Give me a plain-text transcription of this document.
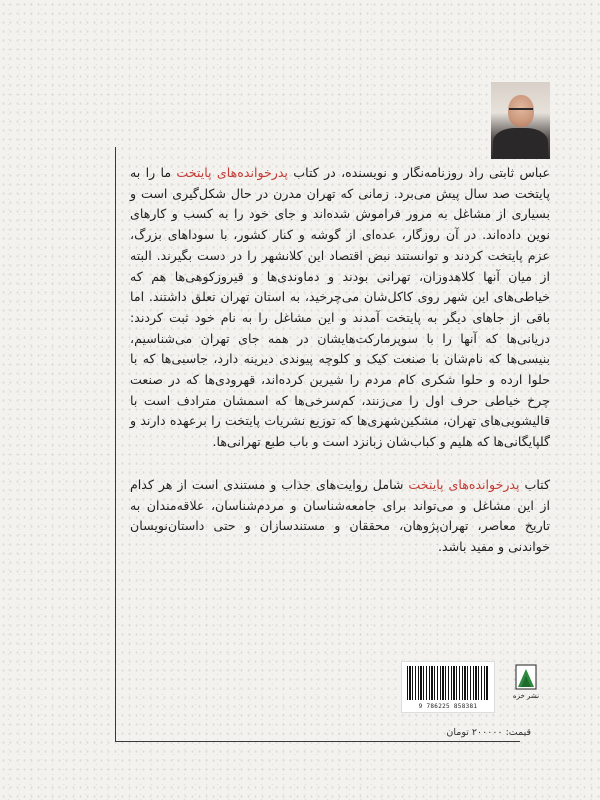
عباس ثابتی راد روزنامه‌نگار و نویسنده، در کتاب پدرخوانده‌های پایتخت ما را به پایتخت صد سال پیش می‌برد. زمانی که تهران مدرن در حال شکل‌گیری است و بسیاری از مشاغل به مرور فراموش شده‌اند و جای خود را به کسب و کارهای نوین داده‌اند. در آن روزگار، عده‌ای از گوشه و کنار کشور، با سوداهای بزرگ، عزم پایتخت کردند و توانستند نبض اقتصاد این کلانشهر را در دست بگیرند. البته از میان آنها کلاهدوزان، تهرانی بودند و دماوندی‌ها و قیروزکوهی‌ها هم که خیاطی‌های این شهر روی کاکل‌شان می‌چرخید، به استان تهران تعلق داشتند. اما باقی از جاهای دیگر به پایتخت آمدند و این مشاغل را به نام خود ثبت کردند: دریانی‌ها که آنها را با سوپرمارکت‌هایشان در همه جای تهران می‌شناسیم، بنیسی‌ها که نام‌شان با صنعت کیک و کلوچه پیوندی دیرینه دارد، جاسبی‌ها که با حلوا ارده و حلوا شکری کام مردم را شیرین کرده‌اند، قهرودی‌ها که در صنعت چرخ خیاطی حرف اول را می‌زنند، کم‌سرخی‌ها که اسمشان مترادف است با قالیشویی‌های تهران، مشکین‌شهری‌ها که توزیع نشریات پایتخت را برعهده دارند و گلپایگانی‌ها که هلیم و کباب‌شان زبانزد است و باب طبع تهرانی‌ها.

کتاب پدرخوانده‌های پایتخت شامل روایت‌های جذاب و مستندی است از هر کدام از این مشاغل و می‌تواند برای جامعه‌شناسان و مردم‌شناسان، علاقه‌مندان به تاریخ معاصر، تهران‌پژوهان، محققان و مستندسازان و حتی داستان‌نویسان خواندنی و مفید باشد.

9 786225 858381
نشر خزه
قیمت: ۲۰۰۰۰۰ تومان
